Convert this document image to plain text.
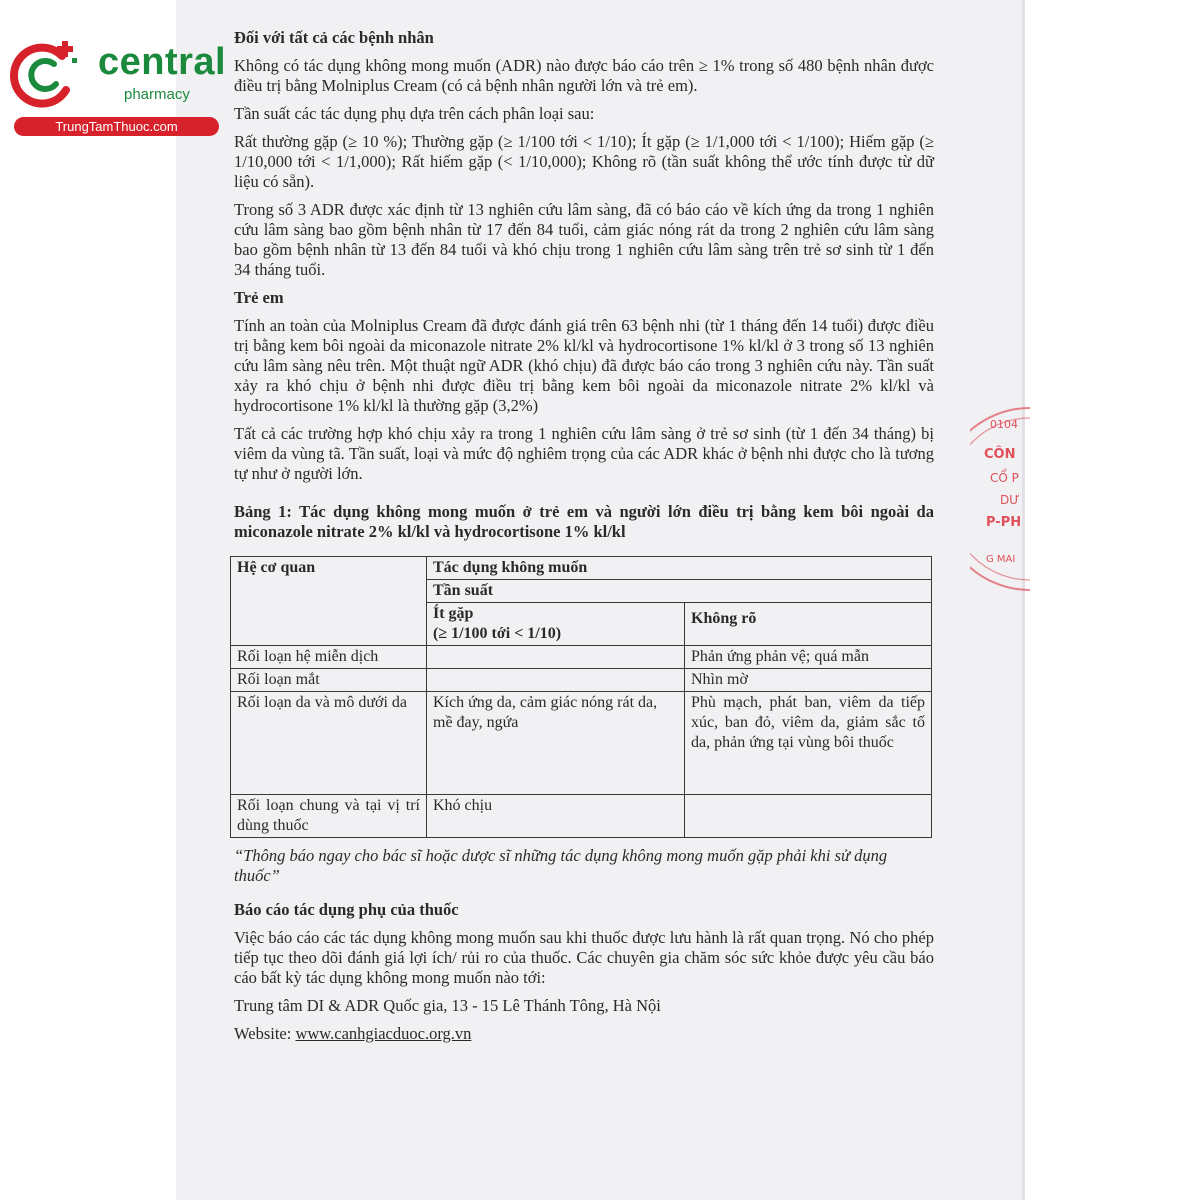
central
pharmacy
TrungTamThuoc.com
Đối với tất cả các bệnh nhân
Không có tác dụng không mong muốn (ADR) nào được báo cáo trên ≥ 1% trong số 480 bệnh nhân được điều trị bằng Molniplus Cream (có cả bệnh nhân người lớn và trẻ em).
Tần suất các tác dụng phụ dựa trên cách phân loại sau:
Rất thường gặp (≥ 10 %); Thường gặp (≥ 1/100 tới < 1/10); Ít gặp (≥ 1/1,000 tới < 1/100); Hiếm gặp (≥ 1/10,000 tới < 1/1,000); Rất hiếm gặp (< 1/10,000); Không rõ (tần suất không thể ước tính được từ dữ liệu có sẵn).
Trong số 3 ADR được xác định từ 13 nghiên cứu lâm sàng, đã có báo cáo về kích ứng da trong 1 nghiên cứu lâm sàng bao gồm bệnh nhân từ 17 đến 84 tuổi, cảm giác nóng rát da trong 2 nghiên cứu lâm sàng bao gồm bệnh nhân từ 13 đến 84 tuổi và khó chịu trong 1 nghiên cứu lâm sàng trên trẻ sơ sinh từ 1 đến 34 tháng tuổi.
Trẻ em
Tính an toàn của Molniplus Cream đã được đánh giá trên 63 bệnh nhi (từ 1 tháng đến 14 tuổi) được điều trị bằng kem bôi ngoài da miconazole nitrate 2% kl/kl và hydrocortisone 1% kl/kl ở 3 trong số 13 nghiên cứu lâm sàng nêu trên. Một thuật ngữ ADR (khó chịu) đã được báo cáo trong 3 nghiên cứu này. Tần suất xảy ra khó chịu ở bệnh nhi được điều trị bằng kem bôi ngoài da miconazole nitrate 2% kl/kl và hydrocortisone 1% kl/kl là thường gặp (3,2%)
Tất cả các trường hợp khó chịu xảy ra trong 1 nghiên cứu lâm sàng ở trẻ sơ sinh (từ 1 đến 34 tháng) bị viêm da vùng tã. Tần suất, loại và mức độ nghiêm trọng của các ADR khác ở bệnh nhi được cho là tương tự như ở người lớn.
Bảng 1: Tác dụng không mong muốn ở trẻ em và người lớn điều trị bằng kem bôi ngoài da miconazole nitrate 2% kl/kl và hydrocortisone 1% kl/kl
Hệ cơ quan	Tác dụng không muốn	
	Tần suất	

	Ít gặp
(≥ 1/100 tới < 1/10)	Không rõ
Rối loạn hệ miễn dịch		Phản ứng phản vệ; quá mẫn
Rối loạn mắt		Nhìn mờ
Rối loạn da và mô dưới da	Kích ứng da, cảm giác nóng rát da, mề đay, ngứa	Phù mạch, phát ban, viêm da tiếp xúc, ban đỏ, viêm da, giảm sắc tố da, phản ứng tại vùng bôi thuốc
Rối loạn chung và tại vị trí dùng thuốc	Khó chịu	
“Thông báo ngay cho bác sĩ hoặc dược sĩ những tác dụng không mong muốn gặp phải khi sử dụng thuốc”
Báo cáo tác dụng phụ của thuốc
Việc báo cáo các tác dụng không mong muốn sau khi thuốc được lưu hành là rất quan trọng. Nó cho phép tiếp tục theo dõi đánh giá lợi ích/ rủi ro của thuốc. Các chuyên gia chăm sóc sức khỏe được yêu cầu báo cáo bất kỳ tác dụng không mong muốn nào tới:
Trung tâm DI & ADR Quốc gia, 13 - 15 Lê Thánh Tông, Hà Nội
Website: www.canhgiacduoc.org.vn
0104
CÔN
CỔ P
DƯ
P-PH
G MAI
